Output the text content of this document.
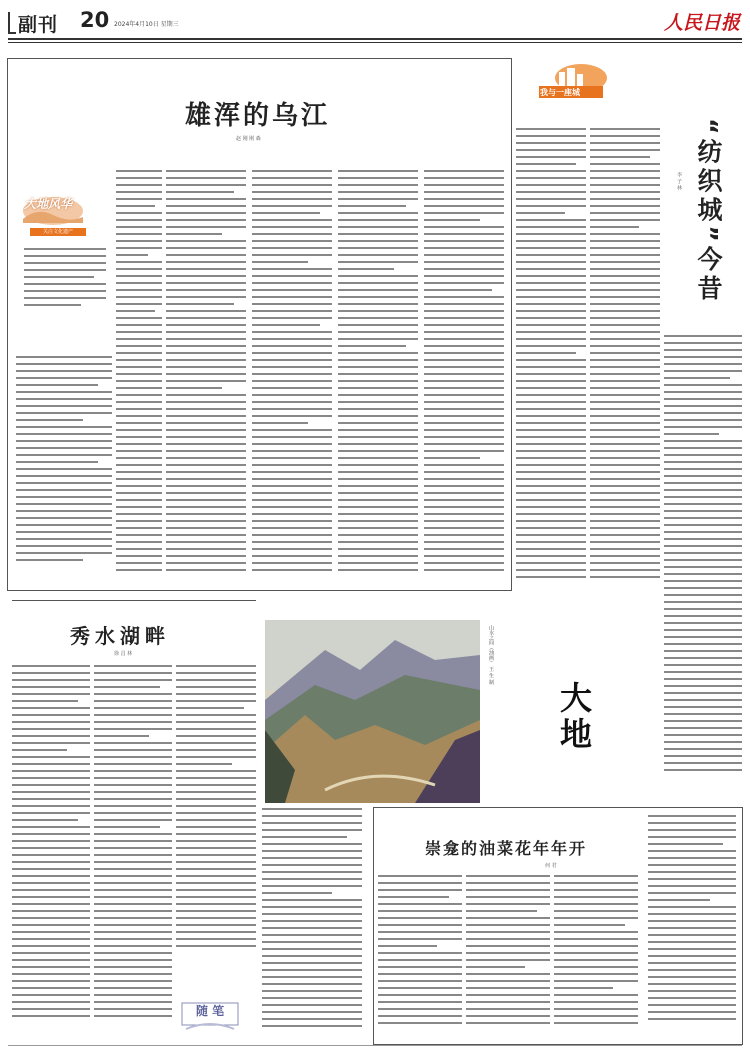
副刊 20 2024年4月10日 星期三	人民日报
雄浑的乌江
赵 刚 刚 森
大地风华
关注文化遗产
我与一座城
“纺织城”今昔
李 子 林
秀水湖畔
徐 昌 林
随 笔
山水之间（油画） 王 生 制
大地
崇龛的油菜花年年开
何 君
